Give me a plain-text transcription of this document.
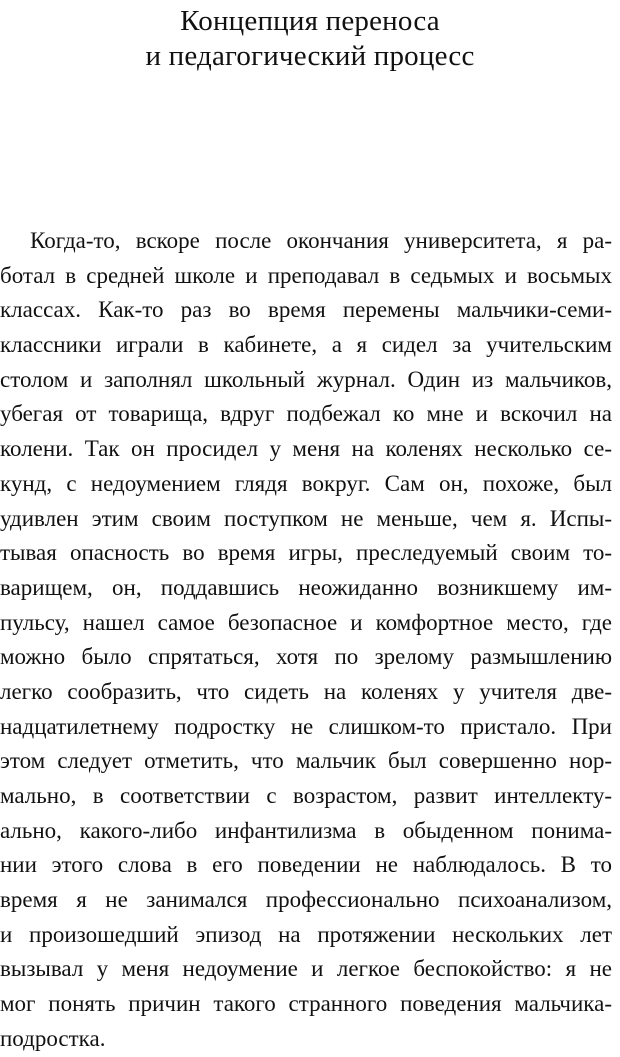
Концепция переноса
и педагогический процесс
Когда-то, вскоре после окончания университета, я ра-
ботал в средней школе и преподавал в седьмых и восьмых
классах. Как-то раз во время перемены мальчики-семи-
классники играли в кабинете, а я сидел за учительским
столом и заполнял школьный журнал. Один из мальчиков,
убегая от товарища, вдруг подбежал ко мне и вскочил на
колени. Так он просидел у меня на коленях несколько се-
кунд, с недоумением глядя вокруг. Сам он, похоже, был
удивлен этим своим поступком не меньше, чем я. Испы-
тывая опасность во время игры, преследуемый своим то-
варищем, он, поддавшись неожиданно возникшему им-
пульсу, нашел самое безопасное и комфортное место, где
можно было спрятаться, хотя по зрелому размышлению
легко сообразить, что сидеть на коленях у учителя две-
надцатилетнему подростку не слишком-то пристало. При
этом следует отметить, что мальчик был совершенно нор-
мально, в соответствии с возрастом, развит интеллекту-
ально, какого-либо инфантилизма в обыденном понима-
нии этого слова в его поведении не наблюдалось. В то
время я не занимался профессионально психоанализом,
и произошедший эпизод на протяжении нескольких лет
вызывал у меня недоумение и легкое беспокойство: я не
мог понять причин такого странного поведения мальчика-
подростка.
